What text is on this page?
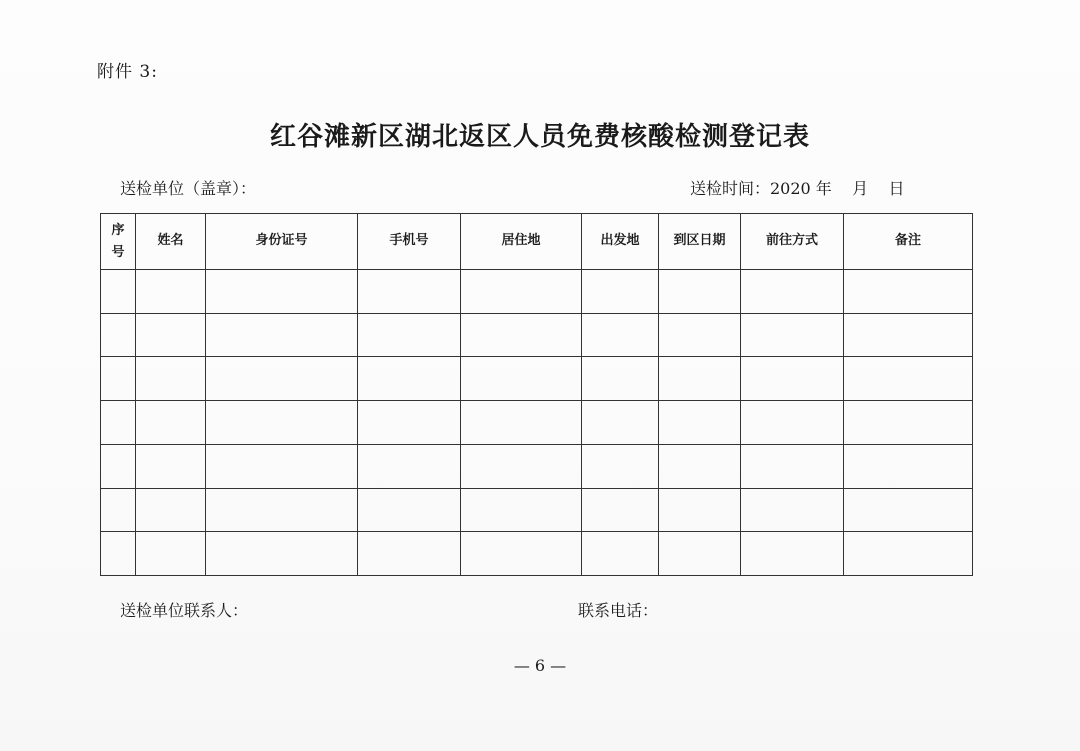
附件 3:
红谷滩新区湖北返区人员免费核酸检测登记表
送检单位（盖章）：	送检时间：2020 年    月    日
序号	姓名	身份证号	手机号	居住地	出发地	到区日期	前往方式	备注

送检单位联系人：	联系电话：
— 6 —
